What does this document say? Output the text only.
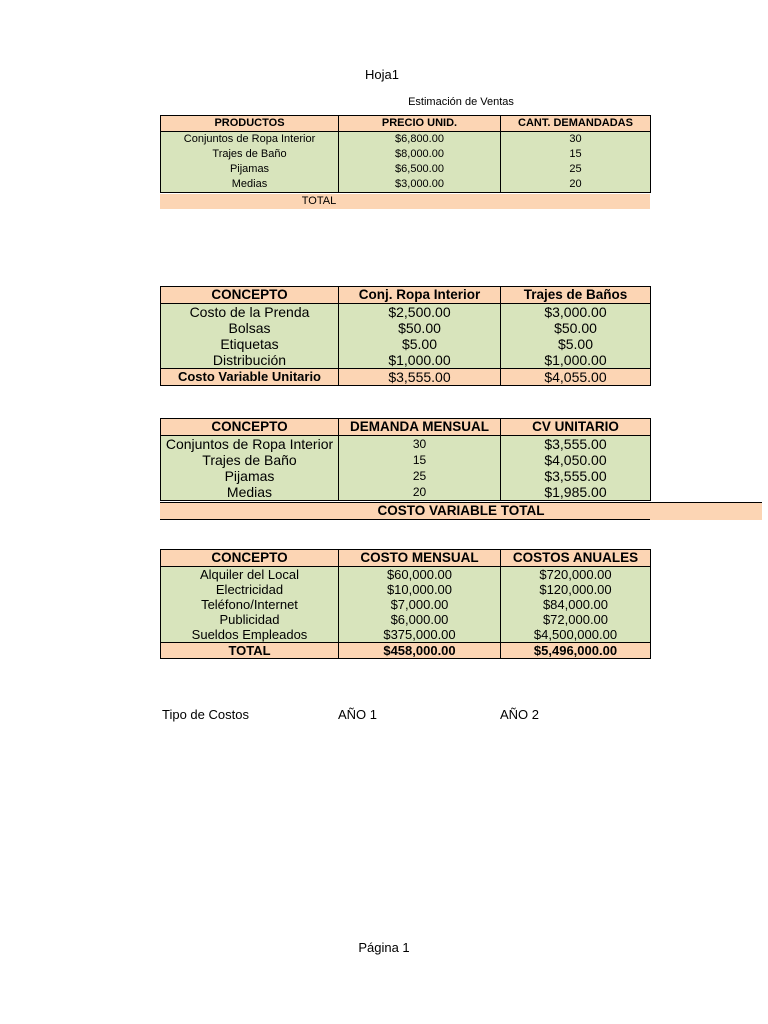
Hoja1
Estimación de Ventas
PRODUCTOS	PRECIO UNID.	CANT. DEMANDADAS
Conjuntos de Ropa Interior	$6,800.00	30
Trajes de Baño	$8,000.00	15
Pijamas	$6,500.00	25
Medias	$3,000.00	20
TOTAL
CONCEPTO	Conj. Ropa Interior	Trajes de Baños
Costo de la Prenda	$2,500.00	$3,000.00
Bolsas	$50.00	$50.00
Etiquetas	$5.00	$5.00
Distribución	$1,000.00	$1,000.00
Costo Variable Unitario	$3,555.00	$4,055.00
CONCEPTO	DEMANDA MENSUAL	CV UNITARIO
Conjuntos de Ropa Interior	30	$3,555.00
Trajes de Baño	15	$4,050.00
Pijamas	25	$3,555.00
Medias	20	$1,985.00
COSTO VARIABLE TOTAL
CONCEPTO	COSTO MENSUAL	COSTOS ANUALES
Alquiler del Local	$60,000.00	$720,000.00
Electricidad	$10,000.00	$120,000.00
Teléfono/Internet	$7,000.00	$84,000.00
Publicidad	$6,000.00	$72,000.00
Sueldos Empleados	$375,000.00	$4,500,000.00
TOTAL	$458,000.00	$5,496,000.00
Tipo de Costos	AÑO 1	AÑO 2
Página 1
